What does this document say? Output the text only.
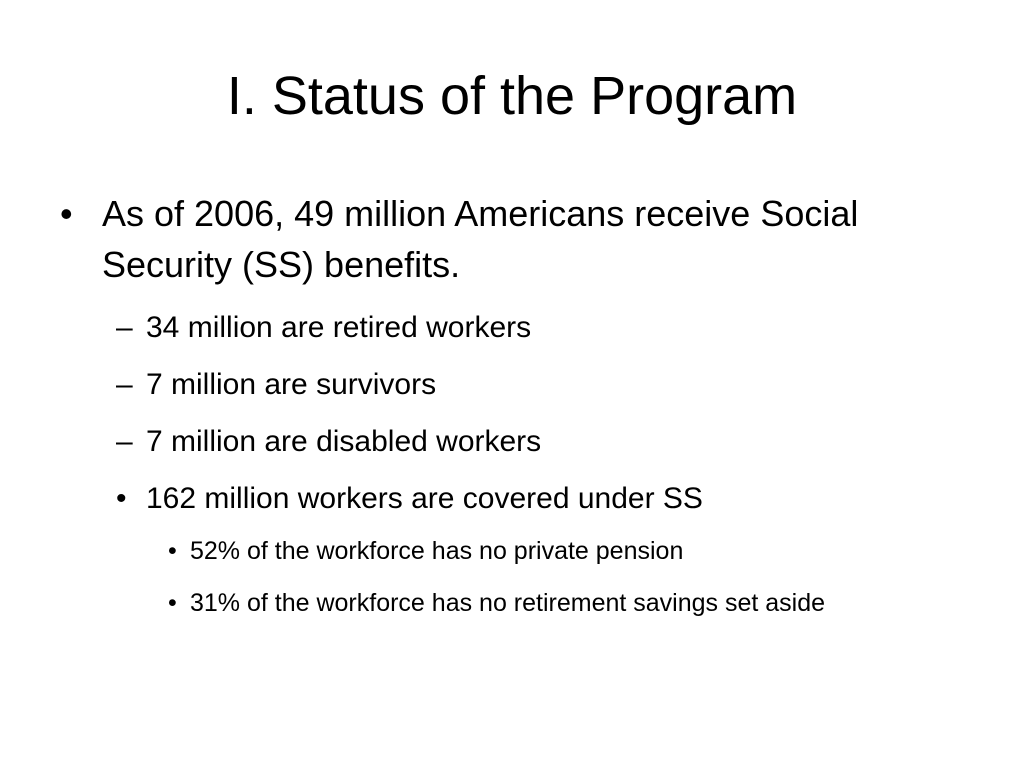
I. Status of the Program
• As of 2006, 49 million Americans receive Social Security (SS) benefits.
– 34 million are retired workers
– 7 million are survivors
– 7 million are disabled workers
• 162 million workers are covered under SS
• 52% of the workforce has no private pension
• 31% of the workforce has no retirement savings set aside
